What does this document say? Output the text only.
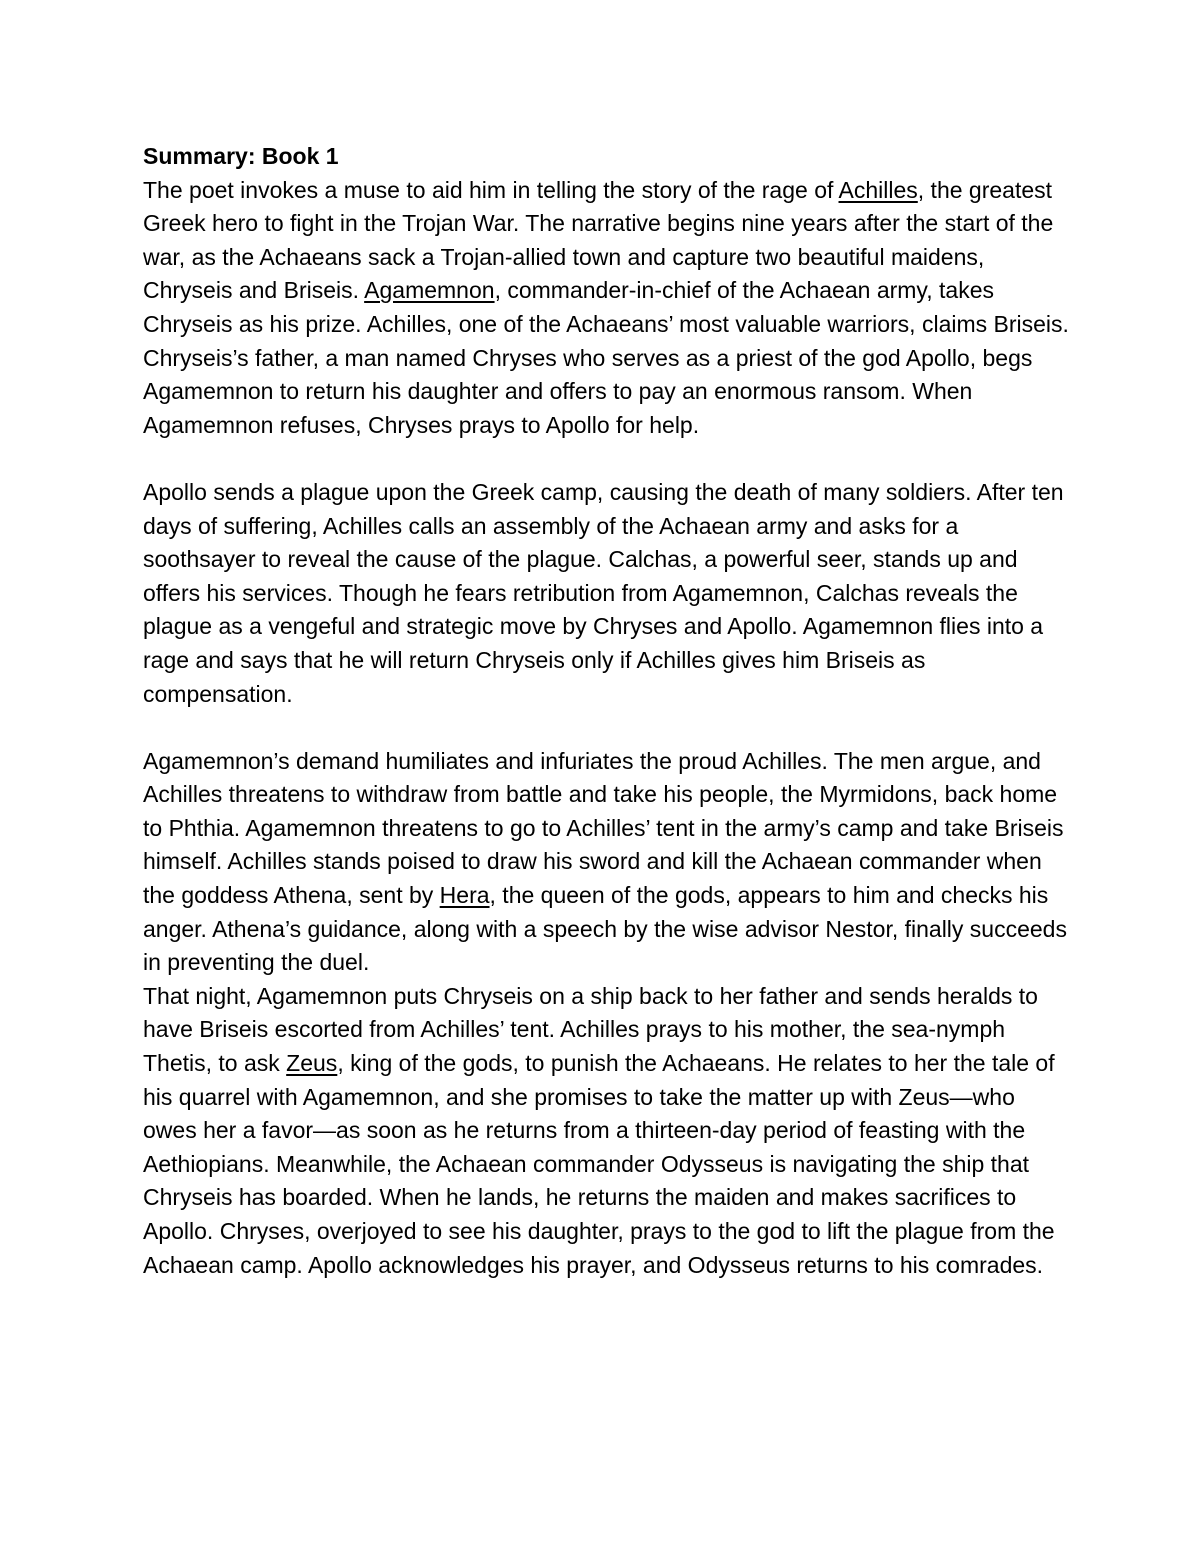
Summary: Book 1

The poet invokes a muse to aid him in telling the story of the rage of Achilles, the greatest Greek hero to fight in the Trojan War. The narrative begins nine years after the start of the war, as the Achaeans sack a Trojan-allied town and capture two beautiful maidens, Chryseis and Briseis. Agamemnon, commander-in-chief of the Achaean army, takes Chryseis as his prize. Achilles, one of the Achaeans’ most valuable warriors, claims Briseis. Chryseis’s father, a man named Chryses who serves as a priest of the god Apollo, begs Agamemnon to return his daughter and offers to pay an enormous ransom. When Agamemnon refuses, Chryses prays to Apollo for help.

Apollo sends a plague upon the Greek camp, causing the death of many soldiers. After ten days of suffering, Achilles calls an assembly of the Achaean army and asks for a soothsayer to reveal the cause of the plague. Calchas, a powerful seer, stands up and offers his services. Though he fears retribution from Agamemnon, Calchas reveals the plague as a vengeful and strategic move by Chryses and Apollo. Agamemnon flies into a rage and says that he will return Chryseis only if Achilles gives him Briseis as compensation.

Agamemnon’s demand humiliates and infuriates the proud Achilles. The men argue, and Achilles threatens to withdraw from battle and take his people, the Myrmidons, back home to Phthia. Agamemnon threatens to go to Achilles’ tent in the army’s camp and take Briseis himself. Achilles stands poised to draw his sword and kill the Achaean commander when the goddess Athena, sent by Hera, the queen of the gods, appears to him and checks his anger. Athena’s guidance, along with a speech by the wise advisor Nestor, finally succeeds in preventing the duel.

That night, Agamemnon puts Chryseis on a ship back to her father and sends heralds to have Briseis escorted from Achilles’ tent. Achilles prays to his mother, the sea-nymph Thetis, to ask Zeus, king of the gods, to punish the Achaeans. He relates to her the tale of his quarrel with Agamemnon, and she promises to take the matter up with Zeus—who owes her a favor—as soon as he returns from a thirteen-day period of feasting with the Aethiopians. Meanwhile, the Achaean commander Odysseus is navigating the ship that Chryseis has boarded. When he lands, he returns the maiden and makes sacrifices to Apollo. Chryses, overjoyed to see his daughter, prays to the god to lift the plague from the Achaean camp. Apollo acknowledges his prayer, and Odysseus returns to his comrades.
